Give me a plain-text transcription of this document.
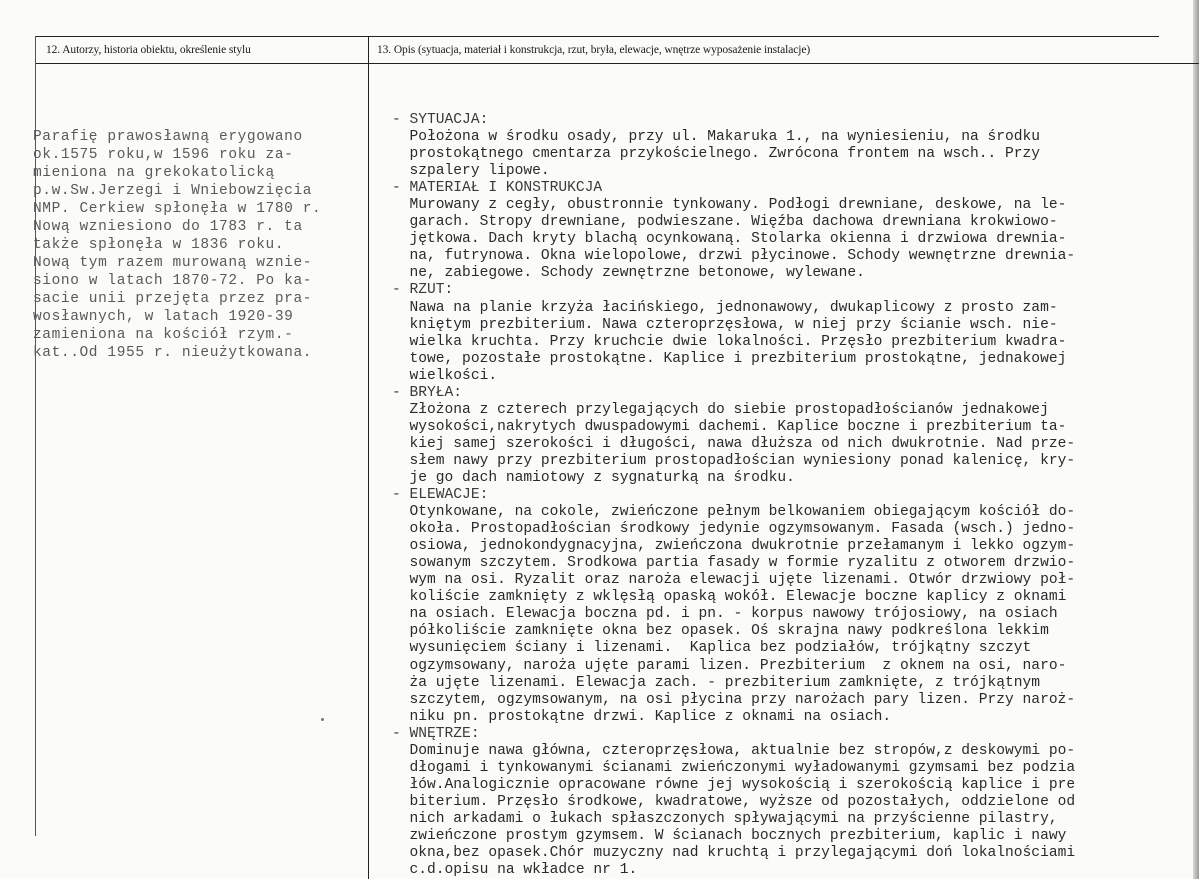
12. Autorzy, historia obiektu, określenie stylu	13. Opis (sytuacja, materiał i konstrukcja, rzut, bryła, elewacje, wnętrze wyposażenie instalacje)
Parafię prawosławną erygowano
ok.1575 roku,w 1596 roku za-
mieniona na grekokatolicką
p.w.Sw.Jerzegi i Wniebowzięcia
NMP. Cerkiew spłonęła w 1780 r.
Nową wzniesiono do 1783 r. ta
także spłonęła w 1836 roku.
Nową tym razem murowaną wznie-
siono w latach 1870-72. Po ka-
sacie unii przejęta przez pra-
wosławnych, w latach 1920-39
zamieniona na kościół rzym.-
kat..Od 1955 r. nieużytkowana.
- SYTUACJA:
Położona w środku osady, przy ul. Makaruka 1., na wyniesieniu, na środku
prostokątnego cmentarza przykościelnego. Zwrócona frontem na wsch.. Przy
szpalery lipowe.
- MATERIAŁ I KONSTRUKCJA
Murowany z cegły, obustronnie tynkowany. Podłogi drewniane, deskowe, na le-
garach. Stropy drewniane, podwieszane. Więźba dachowa drewniana krokwiowo-
jętkowa. Dach kryty blachą ocynkowaną. Stolarka okienna i drzwiowa drewnia-
na, futrynowa. Okna wielopolowe, drzwi płycinowe. Schody wewnętrzne drewnia-
ne, zabiegowe. Schody zewnętrzne betonowe, wylewane.
- RZUT:
Nawa na planie krzyża łacińskiego, jednonawowy, dwukaplicowy z prosto zam-
kniętym prezbiterium. Nawa czteroprzęsłowa, w niej przy ścianie wsch. nie-
wielka kruchta. Przy kruchcie dwie lokalności. Przęsło prezbiterium kwadra-
towe, pozostałe prostokątne. Kaplice i prezbiterium prostokątne, jednakowej
wielkości.
- BRYŁA:
Złożona z czterech przylegających do siebie prostopadłościanów jednakowej
wysokości,nakrytych dwuspadowymi dachemi. Kaplice boczne i prezbiterium ta-
kiej samej szerokości i długości, nawa dłuższa od nich dwukrotnie. Nad prze-
słem nawy przy prezbiterium prostopadłościan wyniesiony ponad kalenicę, kry-
je go dach namiotowy z sygnaturką na środku.
- ELEWACJE:
Otynkowane, na cokole, zwieńczone pełnym belkowaniem obiegającym kościół do-
okoła. Prostopadłościan środkowy jedynie ogzymsowanym. Fasada (wsch.) jedno-
osiowa, jednokondygnacyjna, zwieńczona dwukrotnie przełamanym i lekko ogzym-
sowanym szczytem. Srodkowa partia fasady w formie ryzalitu z otworem drzwio-
wym na osi. Ryzalit oraz naroża elewacji ujęte lizenami. Otwór drzwiowy poł-
koliście zamknięty z wklęsłą opaską wokół. Elewacje boczne kaplicy z oknami
na osiach. Elewacja boczna pd. i pn. - korpus nawowy trójosiowy, na osiach
półkoliście zamknięte okna bez opasek. Oś skrajna nawy podkreślona lekkim
wysunięciem ściany i lizenami.  Kaplica bez podziałów, trójkątny szczyt
ogzymsowany, naroża ujęte parami lizen. Prezbiterium  z oknem na osi, naro-
ża ujęte lizenami. Elewacja zach. - prezbiterium zamknięte, z trójkątnym
szczytem, ogzymsowanym, na osi płycina przy narożach pary lizen. Przy naroż-
niku pn. prostokątne drzwi. Kaplice z oknami na osiach.
- WNĘTRZE:
Dominuje nawa główna, czteroprzęsłowa, aktualnie bez stropów,z deskowymi po-
dłogami i tynkowanymi ścianami zwieńczonymi wyładowanymi gzymsami bez podzia
łów.Analogicznie opracowane równe jej wysokością i szerokością kaplice i pre
biterium. Przęsło środkowe, kwadratowe, wyższe od pozostałych, oddzielone od
nich arkadami o łukach spłaszczonych spływającymi na przyścienne pilastry,
zwieńczone prostym gzymsem. W ścianach bocznych prezbiterium, kaplic i nawy
okna,bez opasek.Chór muzyczny nad kruchtą i przylegającymi doń lokalnościami
c.d.opisu na wkładce nr 1.
